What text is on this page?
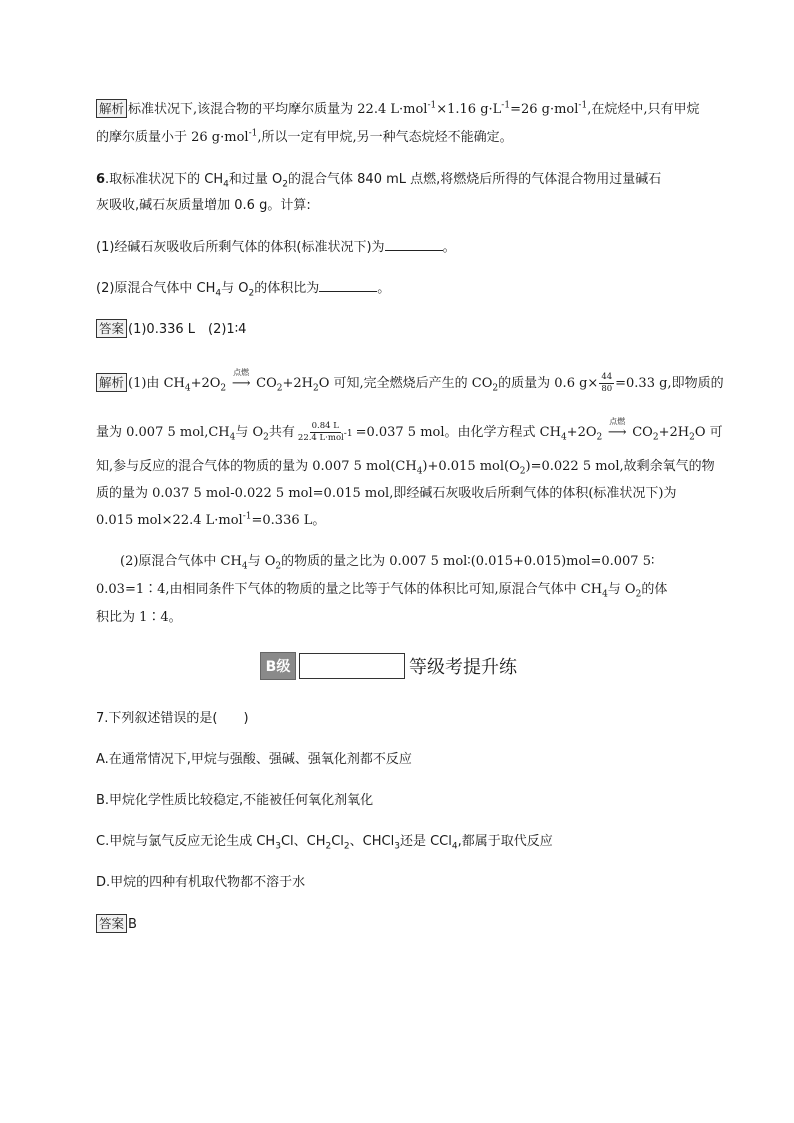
解析 标准状况下,该混合物的平均摩尔质量为 22.4 L·mol$^{-1}$×1.16 $g\cdot L^{-1}=26$ g·mol$^{-1}$,在烷烃中,只有甲烷
的摩尔质量小于 26 g·mol$^{-1}$,所以一定有甲烷,另一种气态烷烃不能确定。
6.取标准状况下的 $CH_4$和过量 $O_2$的混合气体 840 mL 点燃,将燃烧后所得的气体混合物用过量碱石
灰吸收,碱石灰质量增加 0.6 g。计算:
(1)经碱石灰吸收后所剩气体的体积(标准状况下)为	。
(2)原混合气体中 $CH_4$与 $O_2$的体积比为	。
答案 (1)0.336 L　(2)1∶4
解析 (1)由 $CH_4+2O_2$
点燃
⟶ $CO_2+2H_2O$ 可知,完全燃烧后产生的 $CO_2$的质量为 0.6 $g\times \frac{44}{80} =0.33$ g,即物质的
量为 0.007 5 $mol,CH_4$与 $O_2$共有 $\frac{0.84 L}{22.4 L\cdot mol^{-1}} =0.037$ 5 mol。由化学方程式 $CH_4+2O_2$
点燃
⟶ $CO_2+2H_2O$ 可
知,参与反应的混合气体的物质的量为 0.007 5 $mol(CH_4)+0.015$ $mol(O_2)=0.022$ 5 mol,故剩余氧气的物
质的量为 0.037 5 mol-0.022 5 mol=0.015 mol,即经碱石灰吸收后所剩气体的体积(标准状况下)为
0.015 mol×22.4 L·mol$^{-1}$=0.336 L。
(2)原混合气体中 $CH_4$与 $O_2$的物质的量之比为 0.007 5 mol∶(0.015+0.015)mol=0.007 5∶
0.03=1∶4,由相同条件下气体的物质的量之比等于气体的体积比可知,原混合气体中 $CH_4$与 $O_2$的体
积比为 1∶4。
B级	等级考提升练
7.下列叙述错误的是(　　)
A.在通常情况下,甲烷与强酸、强碱、强氧化剂都不反应
B.甲烷化学性质比较稳定,不能被任何氧化剂氧化
C.甲烷与氯气反应无论生成 $CH_3Cl$、$CH_2Cl_2$、CHCl$_3$还是 CCl$_4$,都属于取代反应
D.甲烷的四种有机取代物都不溶于水
答案 B
